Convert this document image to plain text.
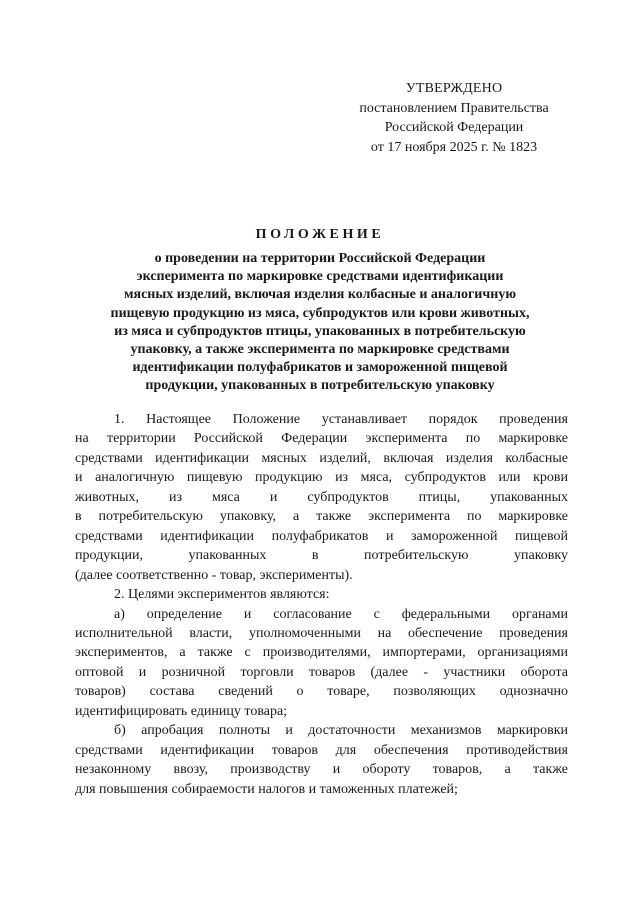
УТВЕРЖДЕНО
постановлением Правительства
Российской Федерации
от 17 ноября 2025 г. № 1823
ПОЛОЖЕНИЕ
о проведении на территории Российской Федерации
эксперимента по маркировке средствами идентификации
мясных изделий, включая изделия колбасные и аналогичную
пищевую продукцию из мяса, субпродуктов или крови животных,
из мяса и субпродуктов птицы, упакованных в потребительскую
упаковку, а также эксперимента по маркировке средствами
идентификации полуфабрикатов и замороженной пищевой
продукции, упакованных в потребительскую упаковку
1. Настоящее Положение устанавливает порядок проведения
на территории Российской Федерации эксперимента по маркировке
средствами идентификации мясных изделий, включая изделия колбасные
и аналогичную пищевую продукцию из мяса, субпродуктов или крови
животных, из мяса и субпродуктов птицы, упакованных
в потребительскую упаковку, а также эксперимента по маркировке
средствами идентификации полуфабрикатов и замороженной пищевой
продукции, упакованных в потребительскую упаковку
(далее соответственно - товар, эксперименты).
2. Целями экспериментов являются:
а) определение и согласование с федеральными органами
исполнительной власти, уполномоченными на обеспечение проведения
экспериментов, а также с производителями, импортерами, организациями
оптовой и розничной торговли товаров (далее - участники оборота
товаров) состава сведений о товаре, позволяющих однозначно
идентифицировать единицу товара;
б) апробация полноты и достаточности механизмов маркировки
средствами идентификации товаров для обеспечения противодействия
незаконному ввозу, производству и обороту товаров, а также
для повышения собираемости налогов и таможенных платежей;
